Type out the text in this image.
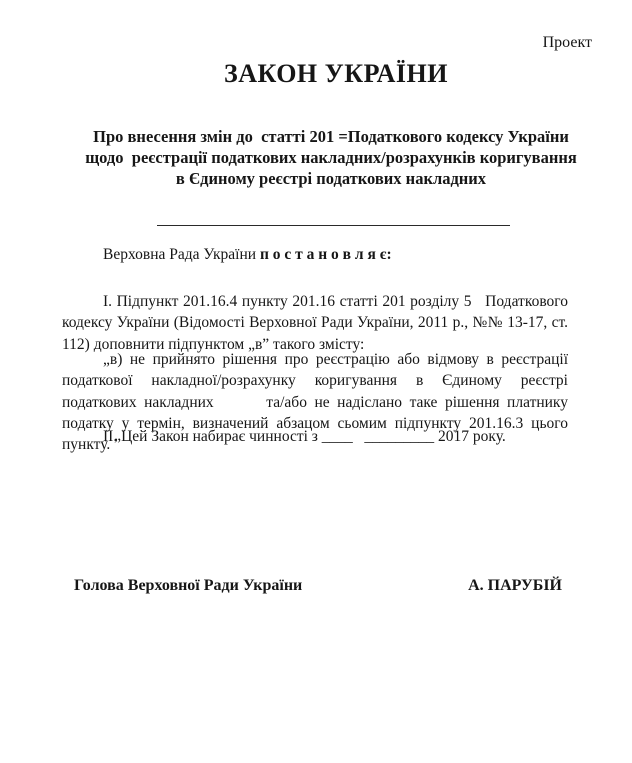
Проект
ЗАКОН УКРАЇНИ
Про внесення змін до  статті 201 =Податкового кодексу України
щодо  реєстрації податкових накладних/розрахунків коригування
в Єдиному реєстрі податкових накладних

Верховна Рада України п о с т а н о в л я є:

І. Підпункт 201.16.4 пункту 201.16 статті 201 розділу 5   Податкового кодексу України (Відомості Верховної Ради України, 2011 р., №№ 13-17, ст. 112) доповнити підпунктом „в” такого змісту:

„в) не прийнято рішення про реєстрацію або відмову в реєстрації податкової накладної/розрахунку коригування в Єдиному реєстрі податкових накладних       та/або не надіслано таке рішення платнику податку у термін, визначений абзацом сьомим підпункту 201.16.3 цього пункту. ”

ІІ. Цей Закон набирає чинності з ____   _________ 2017 року.

Голова Верховної Ради України	А. ПАРУБІЙ
